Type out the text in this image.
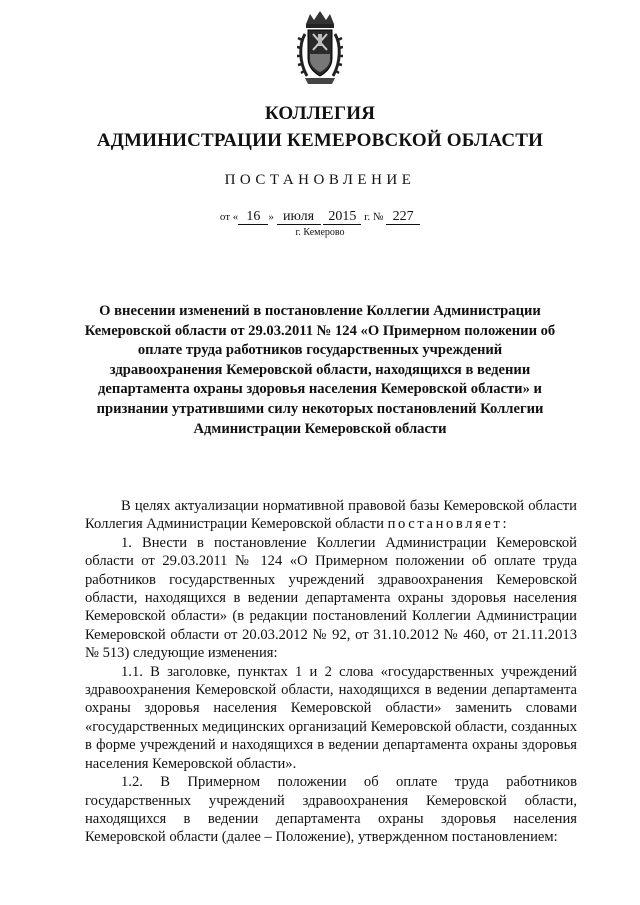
КОЛЛЕГИЯ
АДМИНИСТРАЦИИ КЕМЕРОВСКОЙ ОБЛАСТИ
ПОСТАНОВЛЕНИЕ
от « 16 » июля 2015 г. № 227
г. Кемерово
О внесении изменений в постановление Коллегии Администрации Кемеровской области от 29.03.2011 № 124 «О Примерном положении об оплате труда работников государственных учреждений здравоохранения Кемеровской области, находящихся в ведении департамента охраны здоровья населения Кемеровской области» и признании утратившими силу некоторых постановлений Коллегии Администрации Кемеровской области

В целях актуализации нормативной правовой базы Кемеровской области Коллегия Администрации Кемеровской области постановляет:

1. Внести в постановление Коллегии Администрации Кемеровской области от 29.03.2011 № 124 «О Примерном положении об оплате труда работников государственных учреждений здравоохранения Кемеровской области, находящихся в ведении департамента охраны здоровья населения Кемеровской области» (в редакции постановлений Коллегии Администрации Кемеровской области от 20.03.2012 № 92, от 31.10.2012 № 460, от 21.11.2013 № 513) следующие изменения:

1.1. В заголовке, пунктах 1 и 2 слова «государственных учреждений здравоохранения Кемеровской области, находящихся в ведении департамента охраны здоровья населения Кемеровской области» заменить словами «государственных медицинских организаций Кемеровской области, созданных в форме учреждений и находящихся в ведении департамента охраны здоровья населения Кемеровской области».

1.2. В Примерном положении об оплате труда работников государственных учреждений здравоохранения Кемеровской области, находящихся в ведении департамента охраны здоровья населения Кемеровской области (далее – Положение), утвержденном постановлением:
